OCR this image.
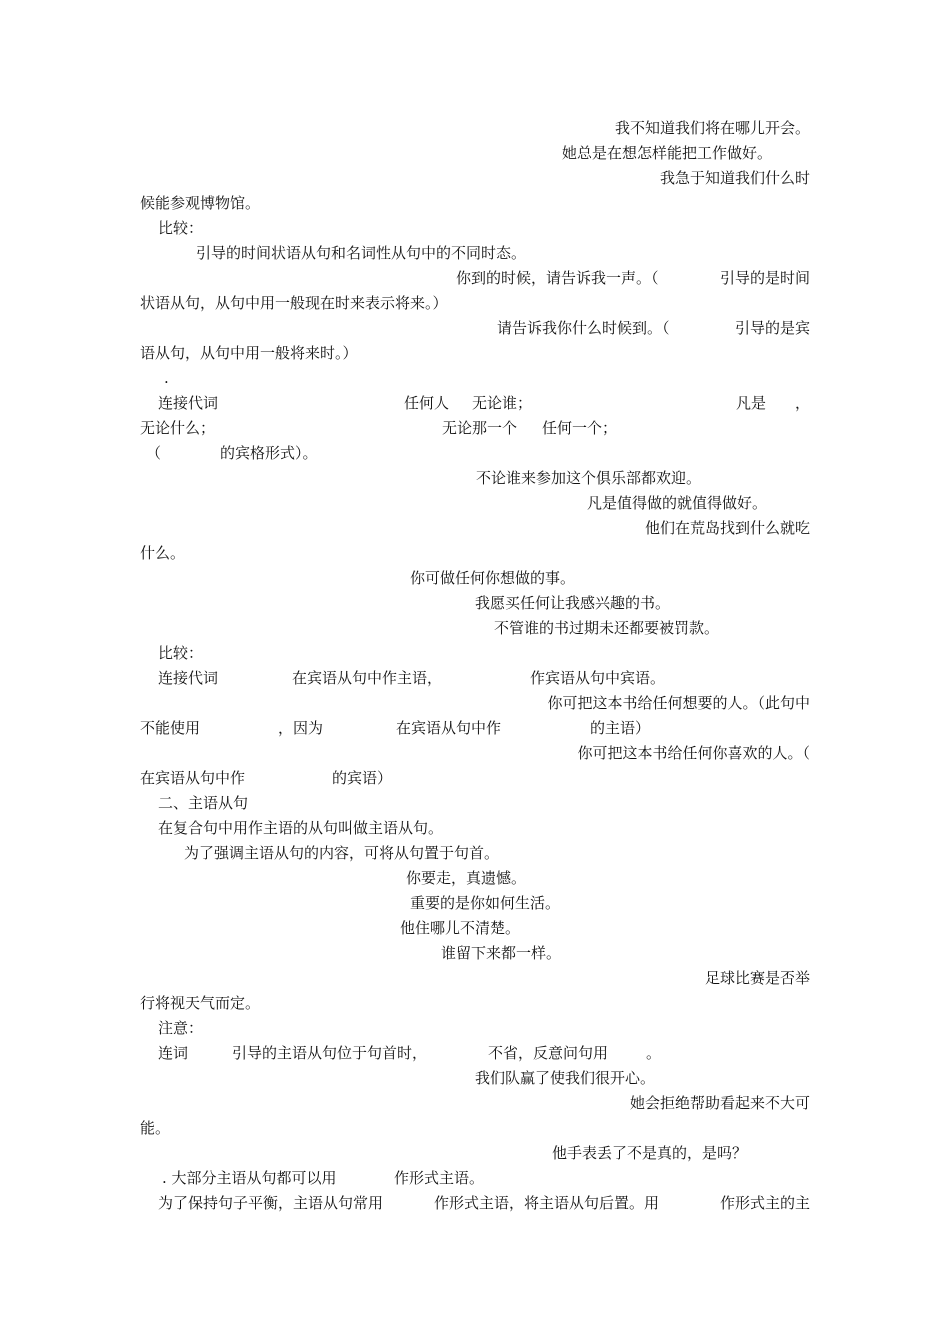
我不知道我们将在哪儿开会。
她总是在想怎样能把工作做好。
我急于知道我们什么时
候能参观博物馆。
比较：
引导的时间状语从句和名词性从句中的不同时态。
你到的时候，请告诉我一声。（	引导的是时间
状语从句，从句中用一般现在时来表示将来。）
请告诉我你什么时候到。（	引导的是宾
语从句，从句中用一般将来时。）
.
连接代词	任何人 无论谁；	凡是 ，
无论什么；	无论那一个 任何一个；
（	的宾格形式）。
不论谁来参加这个俱乐部都欢迎。
凡是值得做的就值得做好。
他们在荒岛找到什么就吃
什么。
你可做任何你想做的事。
我愿买任何让我感兴趣的书。
不管谁的书过期未还都要被罚款。
比较：
连接代词	在宾语从句中作主语，	作宾语从句中宾语。
你可把这本书给任何想要的人。（此句中
不能使用	，因为	在宾语从句中作	的主语）
你可把这本书给任何你喜欢的人。（
在宾语从句中作	的宾语）
二、主语从句
在复合句中用作主语的从句叫做主语从句。
为了强调主语从句的内容，可将从句置于句首。
你要走，真遗憾。
重要的是你如何生活。
他住哪儿不清楚。
谁留下来都一样。
足球比赛是否举
行将视天气而定。
注意：
连词	引导的主语从句位于句首时，	不省，反意问句用	。
我们队赢了使我们很开心。
她会拒绝帮助看起来不大可
能。
他手表丢了不是真的，是吗？
. 大部分主语从句都可以用	作形式主语。
为了保持句子平衡，主语从句常用	作形式主语，将主语从句后置。用	作形式主的主
